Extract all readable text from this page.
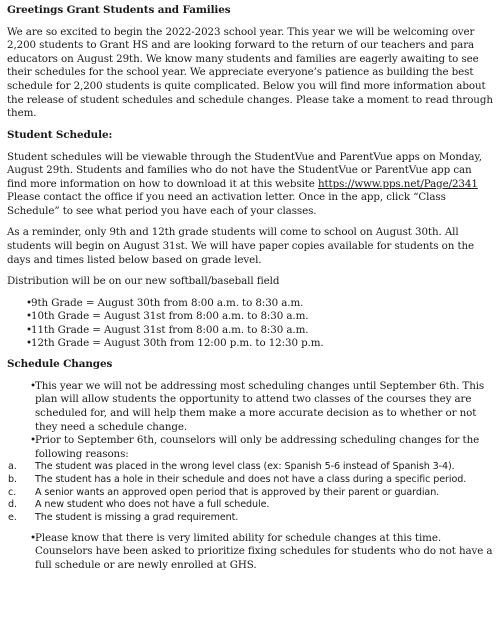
Greetings Grant Students and Families

We are so excited to begin the 2022-2023 school year. This year we will be welcoming over 2,200 students to Grant HS and are looking forward to the return of our teachers and para educators on August 29th. We know many students and families are eagerly awaiting to see their schedules for the school year. We appreciate everyone’s patience as building the best schedule for 2,200 students is quite complicated. Below you will find more information about the release of student schedules and schedule changes. Please take a moment to read through them.

Student Schedule:

Student schedules will be viewable through the StudentVue and ParentVue apps on Monday, August 29th. Students and families who do not have the StudentVue or ParentVue app can find more information on how to download it at this website https://www.pps.net/Page/2341 Please contact the office if you need an activation letter. Once in the app, click “Class Schedule” to see what period you have each of your classes.

As a reminder, only 9th and 12th grade students will come to school on August 30th. All students will begin on August 31st. We will have paper copies available for students on the days and times listed below based on grade level.

Distribution will be on our new softball/baseball field

• 9th Grade = August 30th from 8:00 a.m. to 8:30 a.m.
• 10th Grade = August 31st from 8:00 a.m. to 8:30 a.m.
• 11th Grade = August 31st from 8:00 a.m. to 8:30 a.m.
• 12th Grade = August 30th from 12:00 p.m. to 12:30 p.m.
Schedule Changes
• This year we will not be addressing most scheduling changes until September 6th. This plan will allow students the opportunity to attend two classes of the courses they are scheduled for, and will help them make a more accurate decision as to whether or not they need a schedule change.
• Prior to September 6th, counselors will only be addressing scheduling changes for the following reasons:
a. The student was placed in the wrong level class (ex: Spanish 5-6 instead of Spanish 3-4).
b. The student has a hole in their schedule and does not have a class during a specific period.
c. A senior wants an approved open period that is approved by their parent or guardian.
d. A new student who does not have a full schedule.
e. The student is missing a grad requirement.
• Please know that there is very limited ability for schedule changes at this time. Counselors have been asked to prioritize fixing schedules for students who do not have a full schedule or are newly enrolled at GHS.
